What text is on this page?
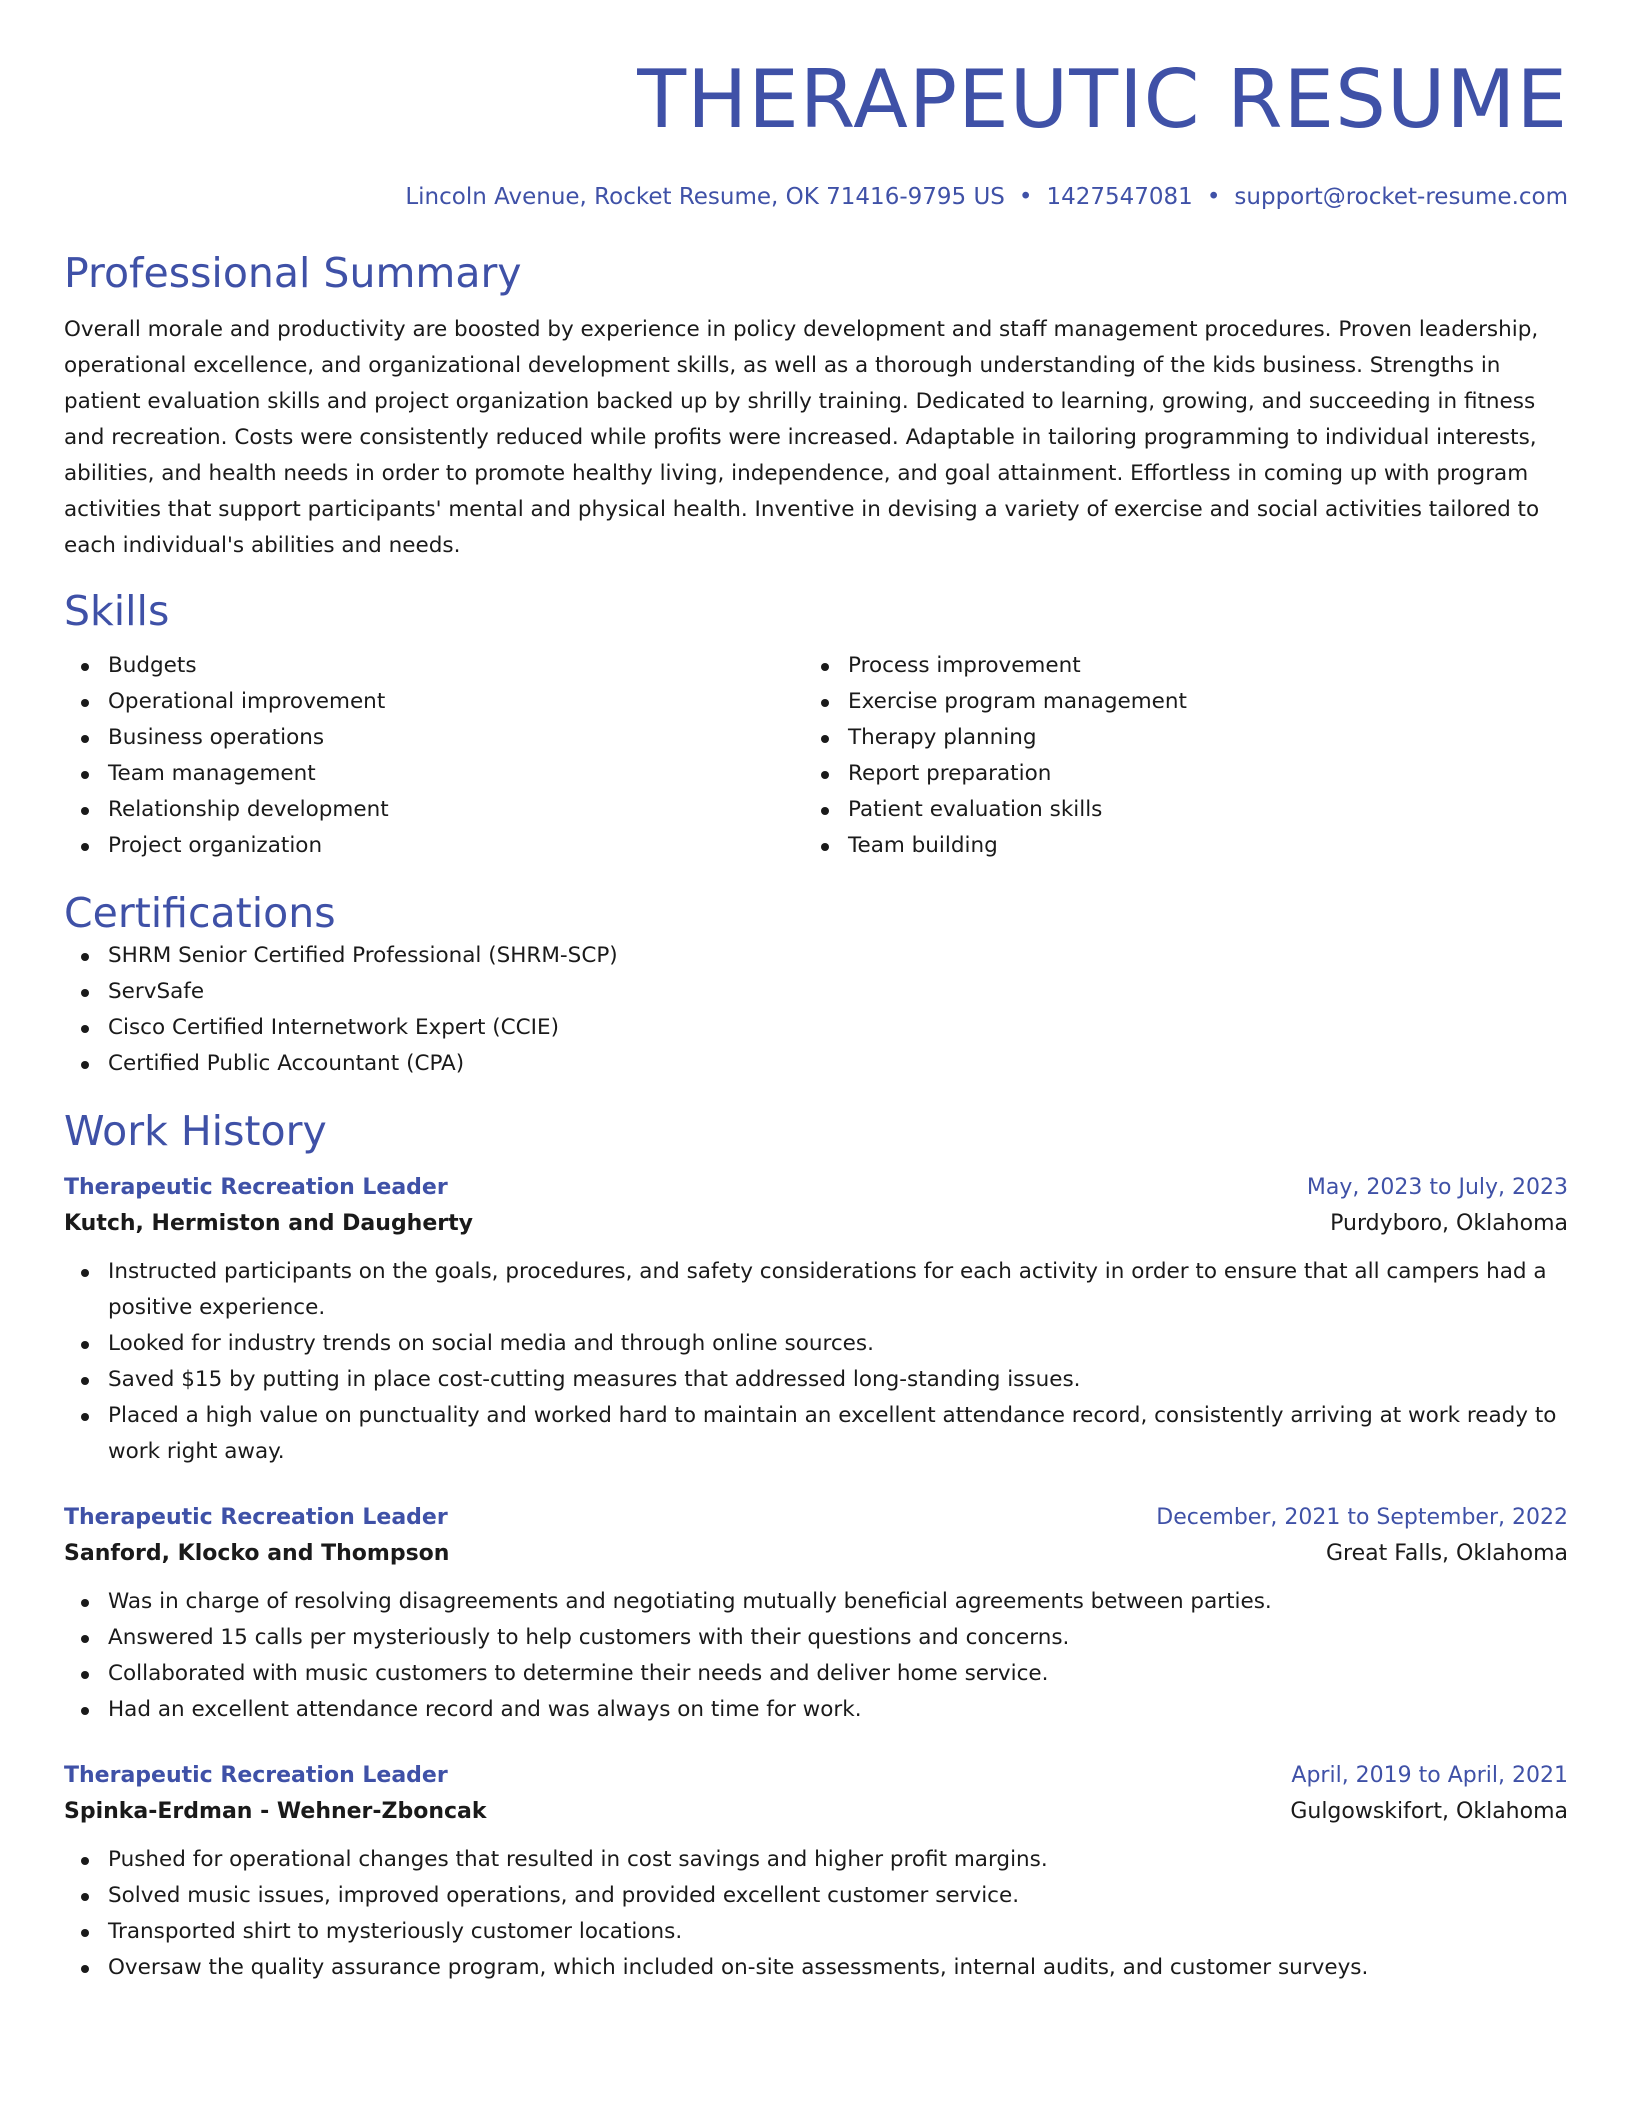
THERAPEUTIC RESUME
Lincoln Avenue, Rocket Resume, OK 71416-9795 US • 1427547081 • support@rocket-resume.com
Professional Summary
Overall morale and productivity are boosted by experience in policy development and staff management procedures. Proven leadership, operational excellence, and organizational development skills, as well as a thorough understanding of the kids business. Strengths in patient evaluation skills and project organization backed up by shrilly training. Dedicated to learning, growing, and succeeding in fitness and recreation. Costs were consistently reduced while profits were increased. Adaptable in tailoring programming to individual interests, abilities, and health needs in order to promote healthy living, independence, and goal attainment. Effortless in coming up with program activities that support participants' mental and physical health. Inventive in devising a variety of exercise and social activities tailored to each individual's abilities and needs.
Skills
Budgets
Operational improvement
Business operations
Team management
Relationship development
Project organization
Process improvement
Exercise program management
Therapy planning
Report preparation
Patient evaluation skills
Team building
Certifications
SHRM Senior Certified Professional (SHRM-SCP)
ServSafe
Cisco Certified Internetwork Expert (CCIE)
Certified Public Accountant (CPA)
Work History
Therapeutic Recreation Leader	May, 2023 to July, 2023
Kutch, Hermiston and Daugherty	Purdyboro, Oklahoma
Instructed participants on the goals, procedures, and safety considerations for each activity in order to ensure that all campers had a positive experience.
Looked for industry trends on social media and through online sources.
Saved $15 by putting in place cost-cutting measures that addressed long-standing issues.
Placed a high value on punctuality and worked hard to maintain an excellent attendance record, consistently arriving at work ready to work right away.
Therapeutic Recreation Leader	December, 2021 to September, 2022
Sanford, Klocko and Thompson	Great Falls, Oklahoma
Was in charge of resolving disagreements and negotiating mutually beneficial agreements between parties.
Answered 15 calls per mysteriously to help customers with their questions and concerns.
Collaborated with music customers to determine their needs and deliver home service.
Had an excellent attendance record and was always on time for work.
Therapeutic Recreation Leader	April, 2019 to April, 2021
Spinka-Erdman - Wehner-Zboncak	Gulgowskifort, Oklahoma
Pushed for operational changes that resulted in cost savings and higher profit margins.
Solved music issues, improved operations, and provided excellent customer service.
Transported shirt to mysteriously customer locations.
Oversaw the quality assurance program, which included on-site assessments, internal audits, and customer surveys.
